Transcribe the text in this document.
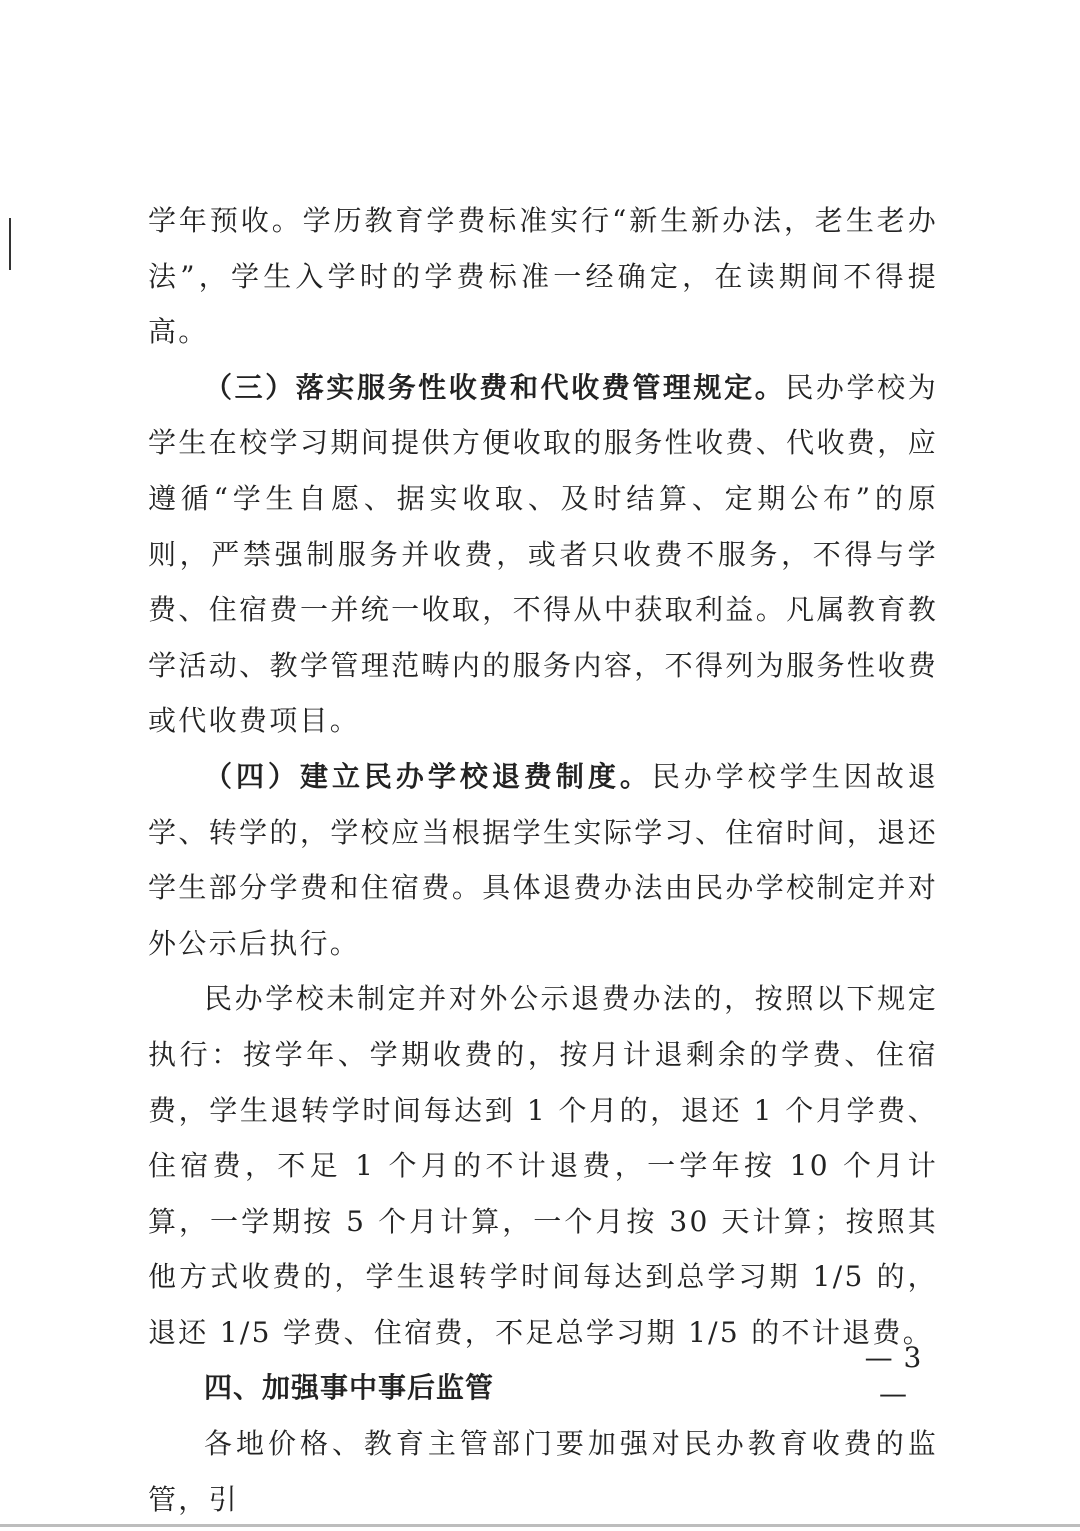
学年预收。学历教育学费标准实行“新生新办法，老生老办法”，学生入学时的学费标准一经确定，在读期间不得提高。

（三）落实服务性收费和代收费管理规定。民办学校为学生在校学习期间提供方便收取的服务性收费、代收费，应遵循“学生自愿、据实收取、及时结算、定期公布”的原则，严禁强制服务并收费，或者只收费不服务，不得与学费、住宿费一并统一收取，不得从中获取利益。凡属教育教学活动、教学管理范畴内的服务内容，不得列为服务性收费或代收费项目。

（四）建立民办学校退费制度。民办学校学生因故退学、转学的，学校应当根据学生实际学习、住宿时间，退还学生部分学费和住宿费。具体退费办法由民办学校制定并对外公示后执行。

民办学校未制定并对外公示退费办法的，按照以下规定执行：按学年、学期收费的，按月计退剩余的学费、住宿费，学生退转学时间每达到 1 个月的，退还 1 个月学费、住宿费，不足 1 个月的不计退费，一学年按 10 个月计算，一学期按 5 个月计算，一个月按 30 天计算；按照其他方式收费的，学生退转学时间每达到总学习期 1/5 的，退还 1/5 学费、住宿费，不足总学习期 1/5 的不计退费。

四、加强事中事后监管

各地价格、教育主管部门要加强对民办教育收费的监管，引

— 3 —
